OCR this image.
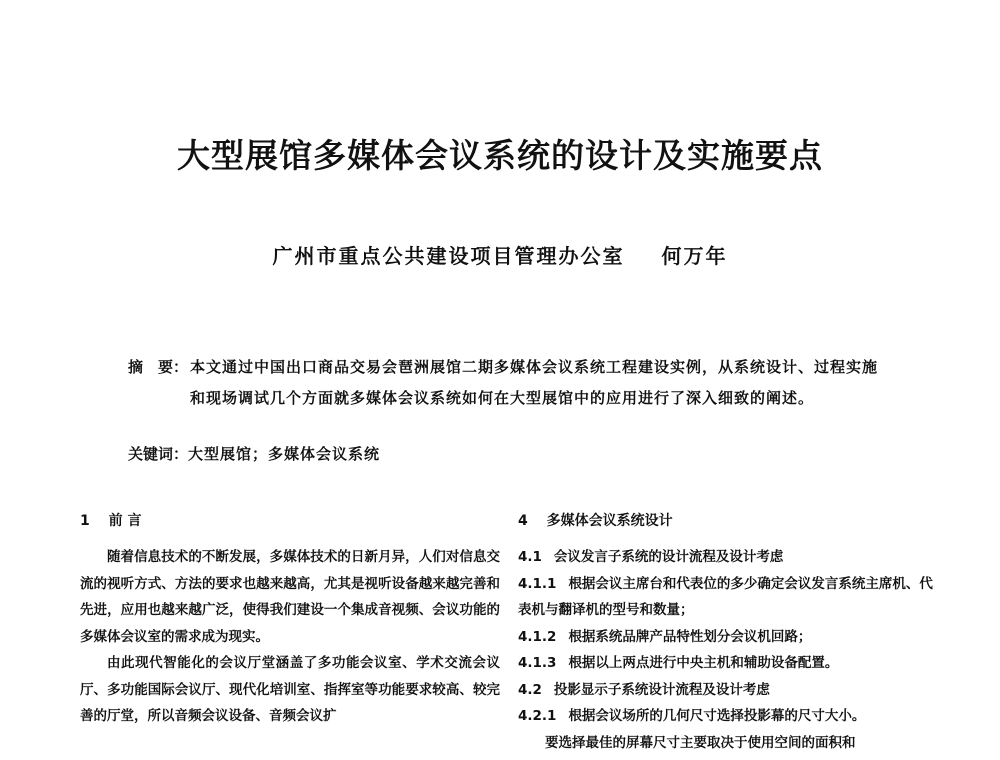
大型展馆多媒体会议系统的设计及实施要点
广州市重点公共建设项目管理办公室 何万年
摘　要： 本文通过中国出口商品交易会琶洲展馆二期多媒体会议系统工程建设实例，从系统设计、过程实施和现场调试几个方面就多媒体会议系统如何在大型展馆中的应用进行了深入细致的阐述。
关键词：大型展馆；多媒体会议系统
1 前 言

随着信息技术的不断发展，多媒体技术的日新月异，人们对信息交流的视听方式、方法的要求也越来越高，尤其是视听设备越来越完善和先进，应用也越来越广泛，使得我们建设一个集成音视频、会议功能的多媒体会议室的需求成为现实。

由此现代智能化的会议厅堂涵盖了多功能会议室、学术交流会议厅、多功能国际会议厅、现代化培训室、指挥室等功能要求较高、较完善的厅堂，所以音频会议设备、音频会议扩

4 多媒体会议系统设计

4.1 会议发言子系统的设计流程及设计考虑

4.1.1 根据会议主席台和代表位的多少确定会议发言系统主席机、代表机与翻译机的型号和数量；

4.1.2 根据系统品牌产品特性划分会议机回路；

4.1.3 根据以上两点进行中央主机和辅助设备配置。

4.2 投影显示子系统设计流程及设计考虑

4.2.1 根据会议场所的几何尺寸选择投影幕的尺寸大小。

要选择最佳的屏幕尺寸主要取决于使用空间的面积和
